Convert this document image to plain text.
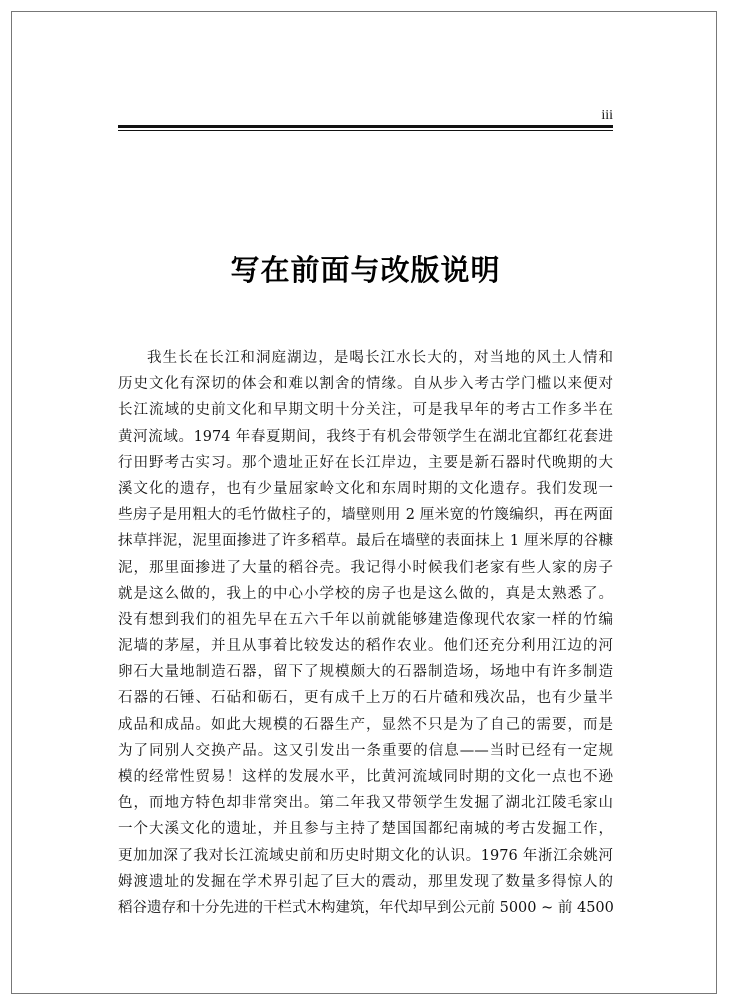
iii
写在前面与改版说明
我生长在长江和洞庭湖边，是喝长江水长大的，对当地的风土人情和
历史文化有深切的体会和难以割舍的情缘。自从步入考古学门槛以来便对
长江流域的史前文化和早期文明十分关注，可是我早年的考古工作多半在
黄河流域。1974 年春夏期间，我终于有机会带领学生在湖北宜都红花套进
行田野考古实习。那个遗址正好在长江岸边，主要是新石器时代晚期的大
溪文化的遗存，也有少量屈家岭文化和东周时期的文化遗存。我们发现一
些房子是用粗大的毛竹做柱子的，墙壁则用 2 厘米宽的竹篾编织，再在两面
抹草拌泥，泥里面掺进了许多稻草。最后在墙壁的表面抹上 1 厘米厚的谷糠
泥，那里面掺进了大量的稻谷壳。我记得小时候我们老家有些人家的房子
就是这么做的，我上的中心小学校的房子也是这么做的，真是太熟悉了。
没有想到我们的祖先早在五六千年以前就能够建造像现代农家一样的竹编
泥墙的茅屋，并且从事着比较发达的稻作农业。他们还充分利用江边的河
卵石大量地制造石器，留下了规模颇大的石器制造场，场地中有许多制造
石器的石锤、石砧和砺石，更有成千上万的石片碴和残次品，也有少量半
成品和成品。如此大规模的石器生产，显然不只是为了自己的需要，而是
为了同别人交换产品。这又引发出一条重要的信息——当时已经有一定规
模的经常性贸易！这样的发展水平，比黄河流域同时期的文化一点也不逊
色，而地方特色却非常突出。第二年我又带领学生发掘了湖北江陵毛家山
一个大溪文化的遗址，并且参与主持了楚国国都纪南城的考古发掘工作，
更加加深了我对长江流域史前和历史时期文化的认识。1976 年浙江余姚河
姆渡遗址的发掘在学术界引起了巨大的震动，那里发现了数量多得惊人的
稻谷遗存和十分先进的干栏式木构建筑，年代却早到公元前 5000 ~ 前 4500
